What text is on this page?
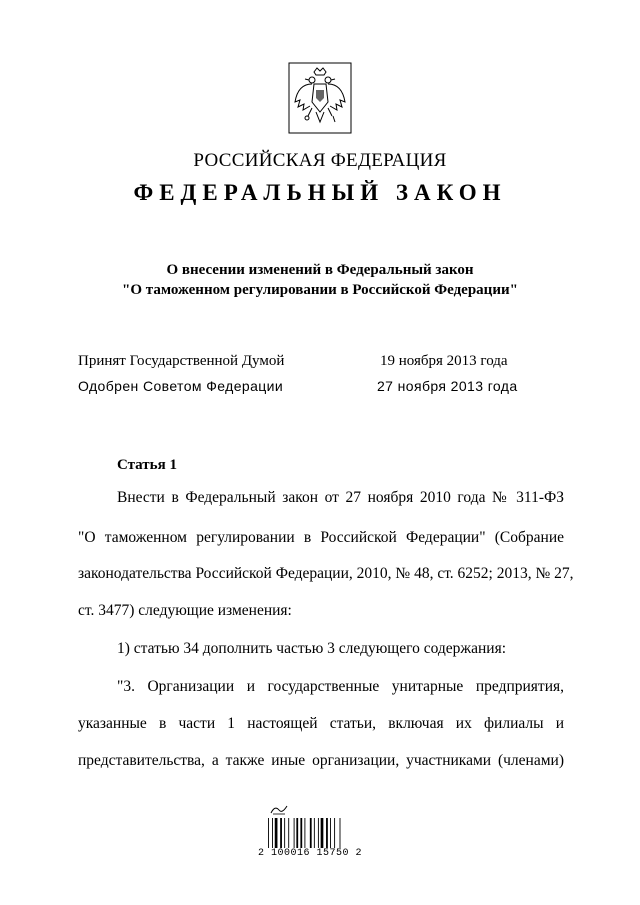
РОССИЙСКАЯ ФЕДЕРАЦИЯ
ФЕДЕРАЛЬНЫЙ ЗАКОН
О внесении изменений в Федеральный закон
"О таможенном регулировании в Российской Федерации"
Принят Государственной Думой	19 ноября 2013 года
Одобрен Советом Федерации	27 ноября 2013 года
Статья 1
Внести в Федеральный закон от 27 ноября 2010 года № 311-ФЗ
"О таможенном регулировании в Российской Федерации" (Собрание
законодательства Российской Федерации, 2010, № 48, ст. 6252; 2013, № 27,
ст. 3477) следующие изменения:
1) статью 34 дополнить частью 3 следующего содержания:
"3. Организации и государственные унитарные предприятия,
указанные в части 1 настоящей статьи, включая их филиалы и
представительства, а также иные организации, участниками (членами)
2 100016 15750 2
